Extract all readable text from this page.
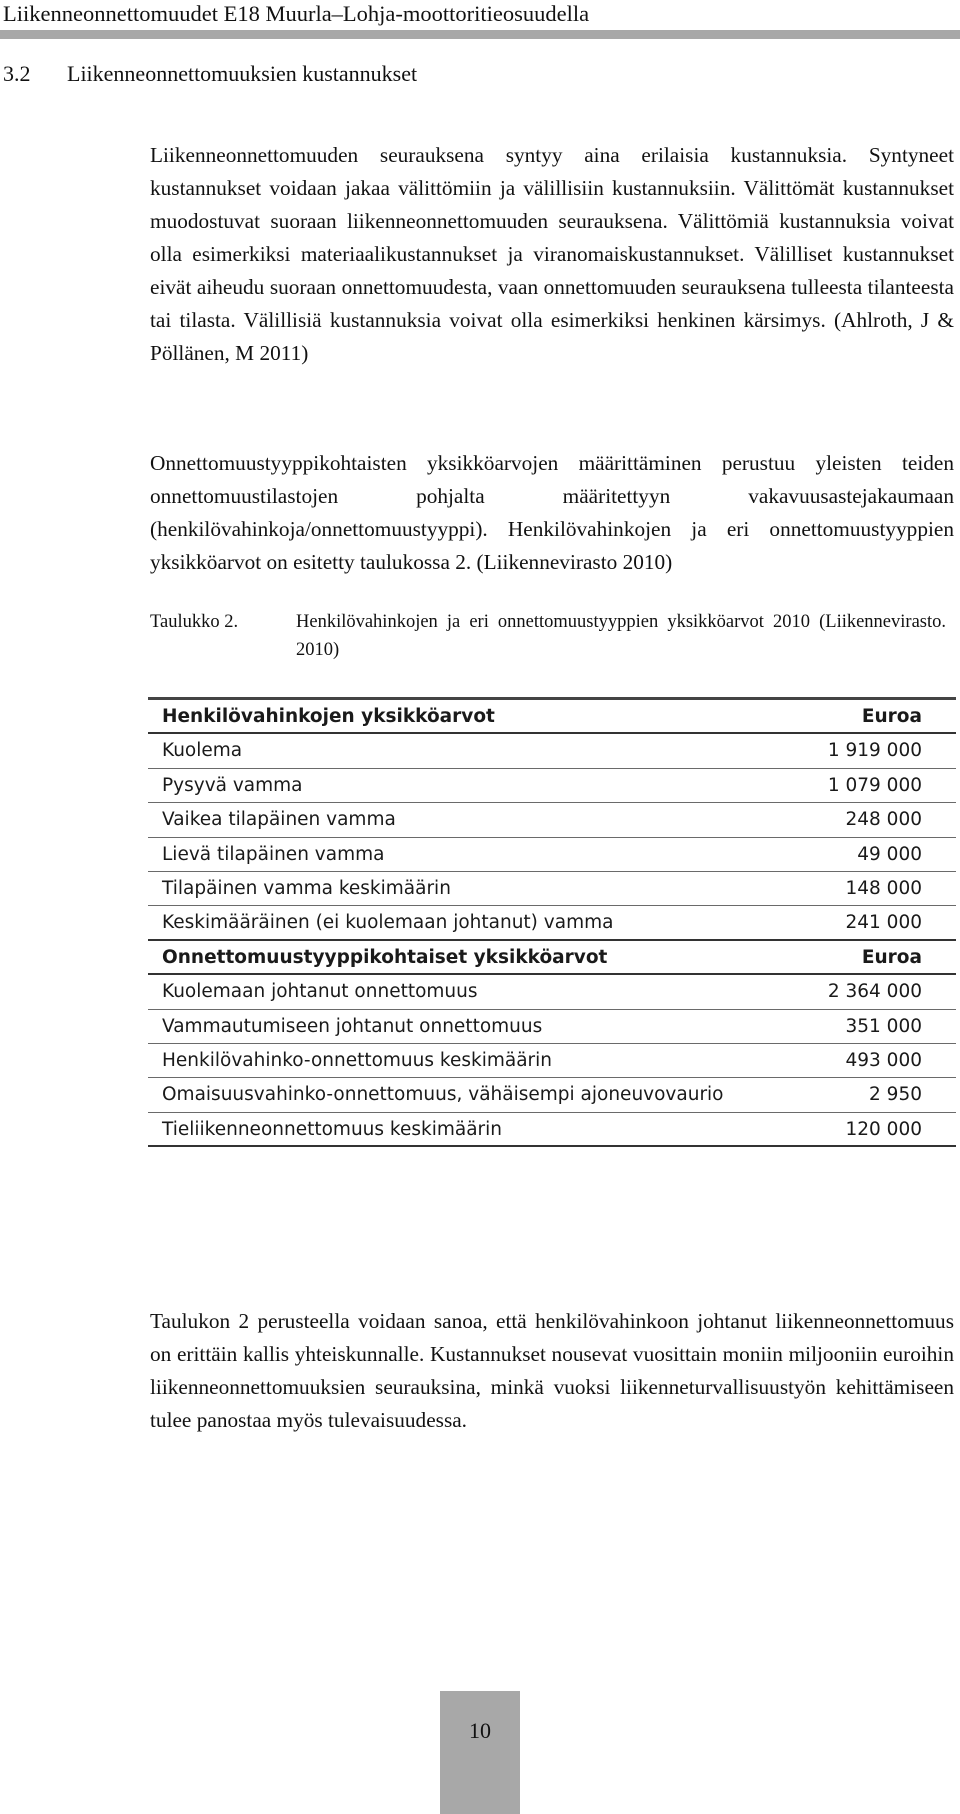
Liikenneonnettomuudet E18 Muurla–Lohja-moottoritieosuudella
3.2 Liikenneonnettomuuksien kustannukset

Liikenneonnettomuuden seurauksena syntyy aina erilaisia kustannuksia. Syntyneet kustannukset voidaan jakaa välittömiin ja välillisiin kustannuksiin. Välittömät kustannukset muodostuvat suoraan liikenneonnettomuuden seurauksena. Välittömiä kustannuksia voivat olla esimerkiksi materiaalikustannukset ja viranomaiskustannukset. Välilliset kustannukset eivät aiheudu suoraan onnettomuudesta, vaan onnettomuuden seurauksena tulleesta tilanteesta tai tilasta. Välillisiä kustannuksia voivat olla esimerkiksi henkinen kärsimys. (Ahlroth, J & Pöllänen, M 2011)

Onnettomuustyyppikohtaisten yksikköarvojen määrittäminen perustuu yleisten teiden onnettomuustilastojen pohjalta määritettyyn vakavuusastejakaumaan (henkilövahinkoja/onnettomuustyyppi). Henkilövahinkojen ja eri onnettomuustyyppien yksikköarvot on esitetty taulukossa 2. (Liikennevirasto 2010)

Taulukko 2.	Henkilövahinkojen ja eri onnettomuustyyppien yksikköarvot 2010 (Liikennevirasto. 2010)
Henkilövahinkojen yksikköarvot	Euroa
Kuolema	1 919 000
Pysyvä vamma	1 079 000
Vaikea tilapäinen vamma	248 000
Lievä tilapäinen vamma	49 000
Tilapäinen vamma keskimäärin	148 000
Keskimääräinen (ei kuolemaan johtanut) vamma	241 000
Onnettomuustyyppikohtaiset yksikköarvot	Euroa
Kuolemaan johtanut onnettomuus	2 364 000
Vammautumiseen johtanut onnettomuus	351 000
Henkilövahinko-onnettomuus keskimäärin	493 000
Omaisuusvahinko-onnettomuus, vähäisempi ajoneuvovaurio	2 950
Tieliikenneonnettomuus keskimäärin	120 000

Taulukon 2 perusteella voidaan sanoa, että henkilövahinkoon johtanut liikenneonnettomuus on erittäin kallis yhteiskunnalle. Kustannukset nousevat vuosittain moniin miljooniin euroihin liikenneonnettomuuksien seurauksina, minkä vuoksi liikenneturvallisuustyön kehittämiseen tulee panostaa myös tulevaisuudessa.

10
